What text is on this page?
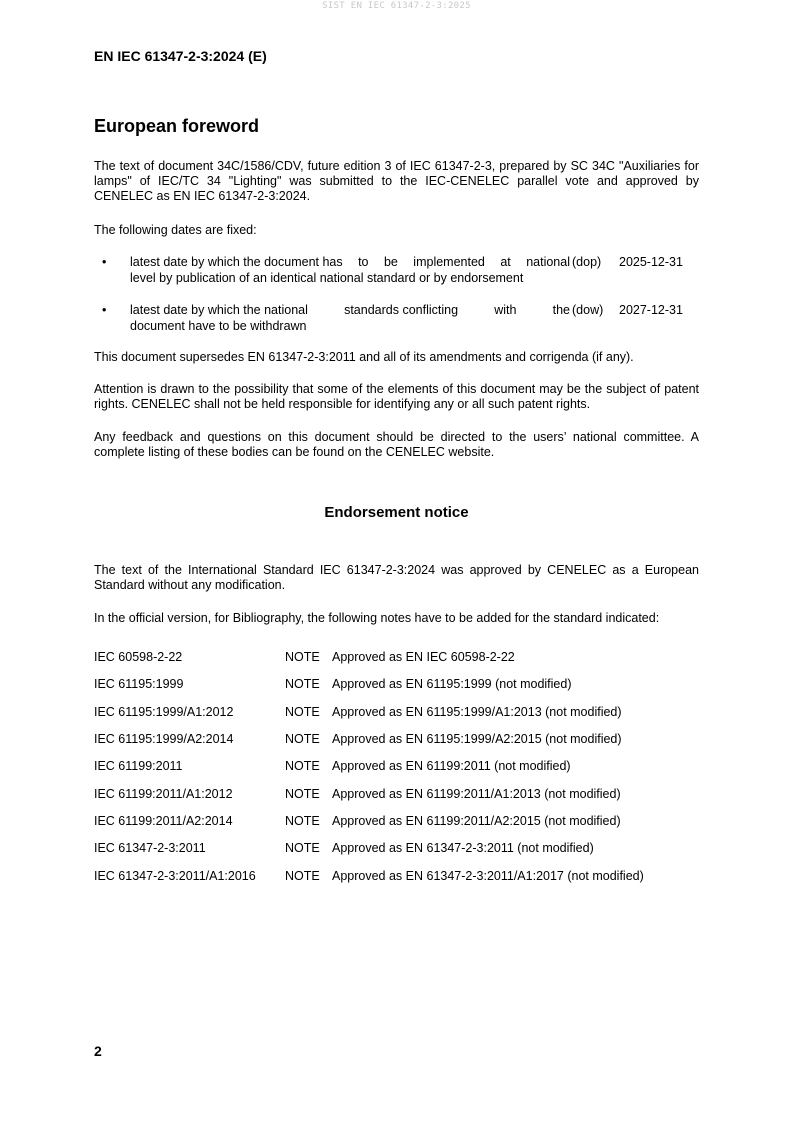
SIST EN IEC 61347-2-3:2025
EN IEC 61347-2-3:2024 (E)
European foreword
The text of document 34C/1586/CDV, future edition 3 of IEC 61347-2-3, prepared by SC 34C "Auxiliaries for lamps" of IEC/TC 34 "Lighting" was submitted to the IEC-CENELEC parallel vote and approved by CENELEC as EN IEC 61347-2-3:2024.
The following dates are fixed:
• latest date by which the document has to be implemented at national
level by publication of an identical national standard or by endorsement
(dop) 2025-12-31
• latest date by which the national	standards conflicting	with	the
document have to be withdrawn
(dow) 2027-12-31
This document supersedes EN 61347-2-3:2011 and all of its amendments and corrigenda (if any).
Attention is drawn to the possibility that some of the elements of this document may be the subject of patent rights. CENELEC shall not be held responsible for identifying any or all such patent rights.
Any feedback and questions on this document should be directed to the users’ national committee. A complete listing of these bodies can be found on the CENELEC website.
Endorsement notice
The text of the International Standard IEC 61347-2-3:2024 was approved by CENELEC as a European Standard without any modification.
In the official version, for Bibliography, the following notes have to be added for the standard indicated:
IEC 60598-2-22	NOTE Approved as EN IEC 60598-2-22
IEC 61195:1999	NOTE Approved as EN 61195:1999 (not modified)
IEC 61195:1999/A1:2012	NOTE Approved as EN 61195:1999/A1:2013 (not modified)
IEC 61195:1999/A2:2014	NOTE Approved as EN 61195:1999/A2:2015 (not modified)
IEC 61199:2011	NOTE Approved as EN 61199:2011 (not modified)
IEC 61199:2011/A1:2012	NOTE Approved as EN 61199:2011/A1:2013 (not modified)
IEC 61199:2011/A2:2014	NOTE Approved as EN 61199:2011/A2:2015 (not modified)
IEC 61347-2-3:2011	NOTE Approved as EN 61347-2-3:2011 (not modified)
IEC 61347-2-3:2011/A1:2016 NOTE Approved as EN 61347-2-3:2011/A1:2017 (not modified)
2
